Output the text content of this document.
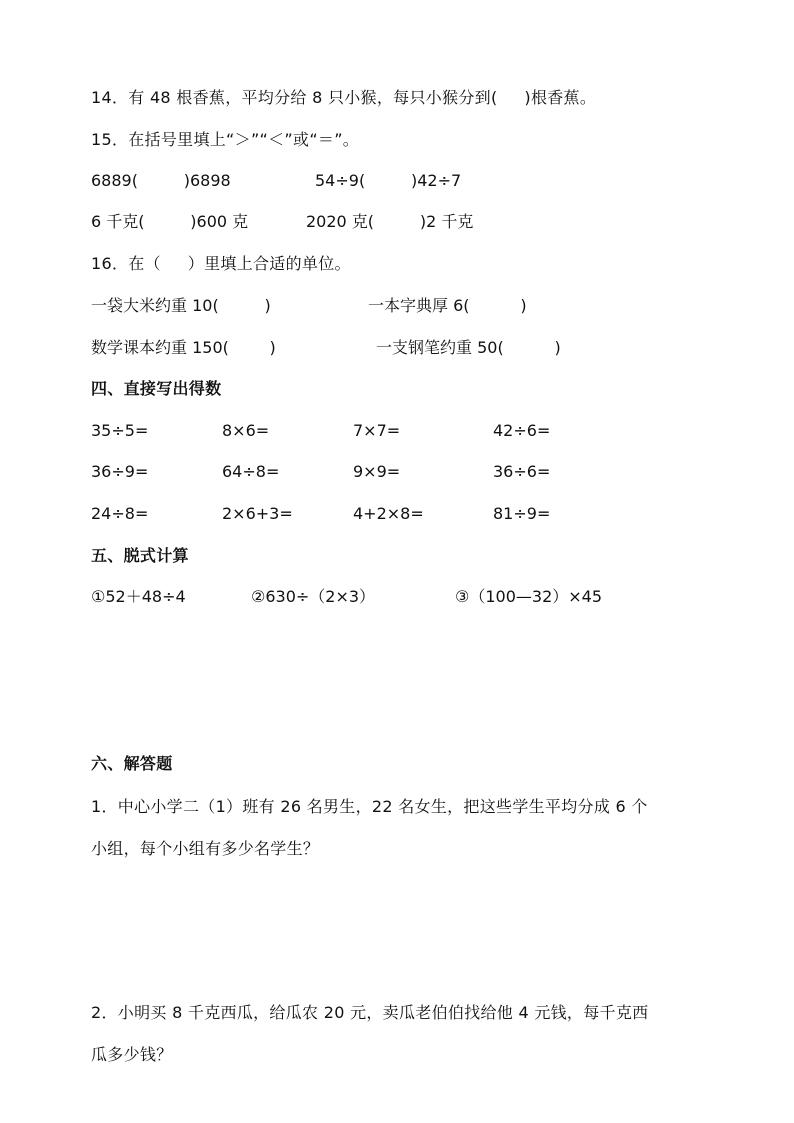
14．有 48 根香蕉，平均分给 8 只小猴，每只小猴分到(     )根香蕉。
15．在括号里填上“＞”“＜”或“＝”。
6889(         )6898	54÷9(         )42÷7
6 千克(         )600 克	2020 克(         )2 千克
16．在（     ）里填上合适的单位。
一袋大米约重 10(         )	一本字典厚 6(          )
数学课本约重 150(        )	一支钢笔约重 50(          )
四、直接写出得数
35÷5=	8×6=	7×7=	42÷6=
36÷9=	64÷8=	9×9=	36÷6=
24÷8=	2×6+3=	4+2×8=	81÷9=
五、脱式计算
①52＋48÷4	②630÷（2×3）	③（100—32）×45
六、解答题
1．中心小学二（1）班有 26 名男生，22 名女生，把这些学生平均分成 6 个
小组，每个小组有多少名学生？
2．小明买 8 千克西瓜，给瓜农 20 元，卖瓜老伯伯找给他 4 元钱，每千克西
瓜多少钱？
